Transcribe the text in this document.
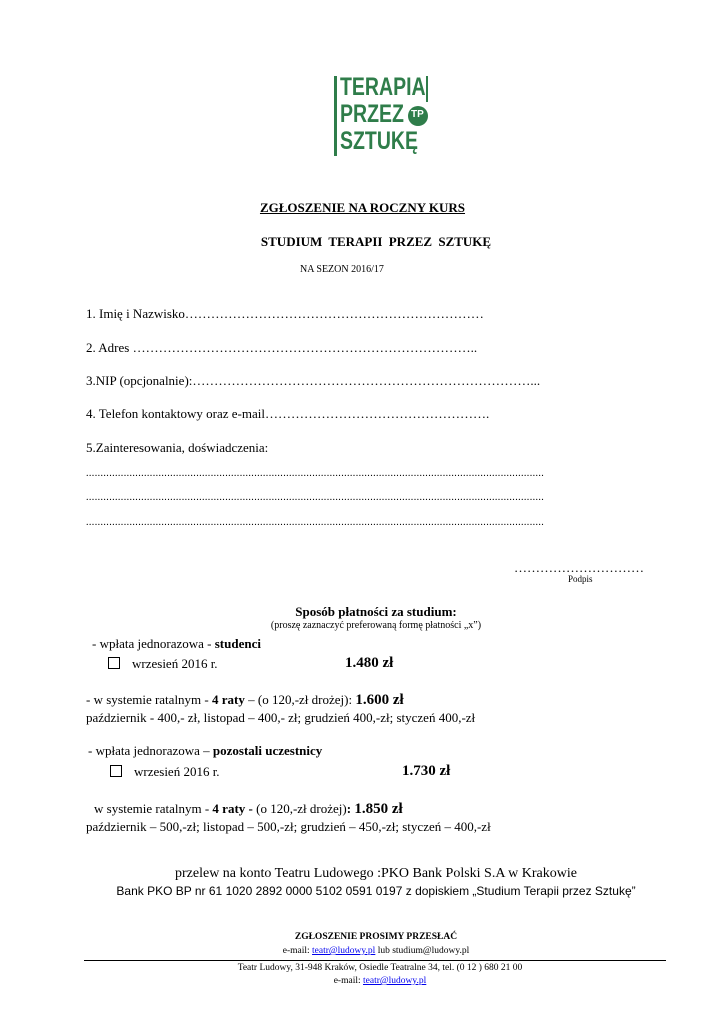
TERAPIA
PRZEZ
SZTUKĘ
TP
ZGŁOSZENIE NA ROCZNY KURS
STUDIUM TERAPII PRZEZ SZTUKĘ
NA SEZON 2016/17
1. Imię i Nazwisko……………………………………………………………
2. Adres ……………………………………………………………………..
3.NIP (opcjonalnie):……………………………………………………………………...
4. Telefon kontaktowy oraz e-mail…………………………………………….
5.Zainteresowania, doświadczenia:
..............................................................................................................................................................
..............................................................................................................................................................
..............................................................................................................................................................
…………………………
Podpis
Sposób płatności za studium:
(proszę zaznaczyć preferowaną formę płatności „x”)
- wpłata jednorazowa - studenci
wrzesień 2016 r.	1.480 zł
- w systemie ratalnym - 4 raty – (o 120,-zł drożej): 1.600 zł
październik - 400,- zł, listopad – 400,- zł; grudzień 400,-zł; styczeń 400,-zł
- wpłata jednorazowa – pozostali uczestnicy
wrzesień 2016 r.	1.730 zł
w systemie ratalnym - 4 raty - (o 120,-zł drożej): 1.850 zł
październik – 500,-zł; listopad – 500,-zł; grudzień – 450,-zł; styczeń – 400,-zł
przelew na konto Teatru Ludowego :PKO Bank Polski S.A w Krakowie
Bank PKO BP nr 61 1020 2892 0000 5102 0591 0197 z dopiskiem „Studium Terapii przez Sztukę”
ZGŁOSZENIE PROSIMY PRZESŁAĆ
e-mail: teatr@ludowy.pl lub studium@ludowy.pl
Teatr Ludowy, 31-948 Kraków, Osiedle Teatralne 34, tel. (0 12 ) 680 21 00
e-mail: teatr@ludowy.pl
